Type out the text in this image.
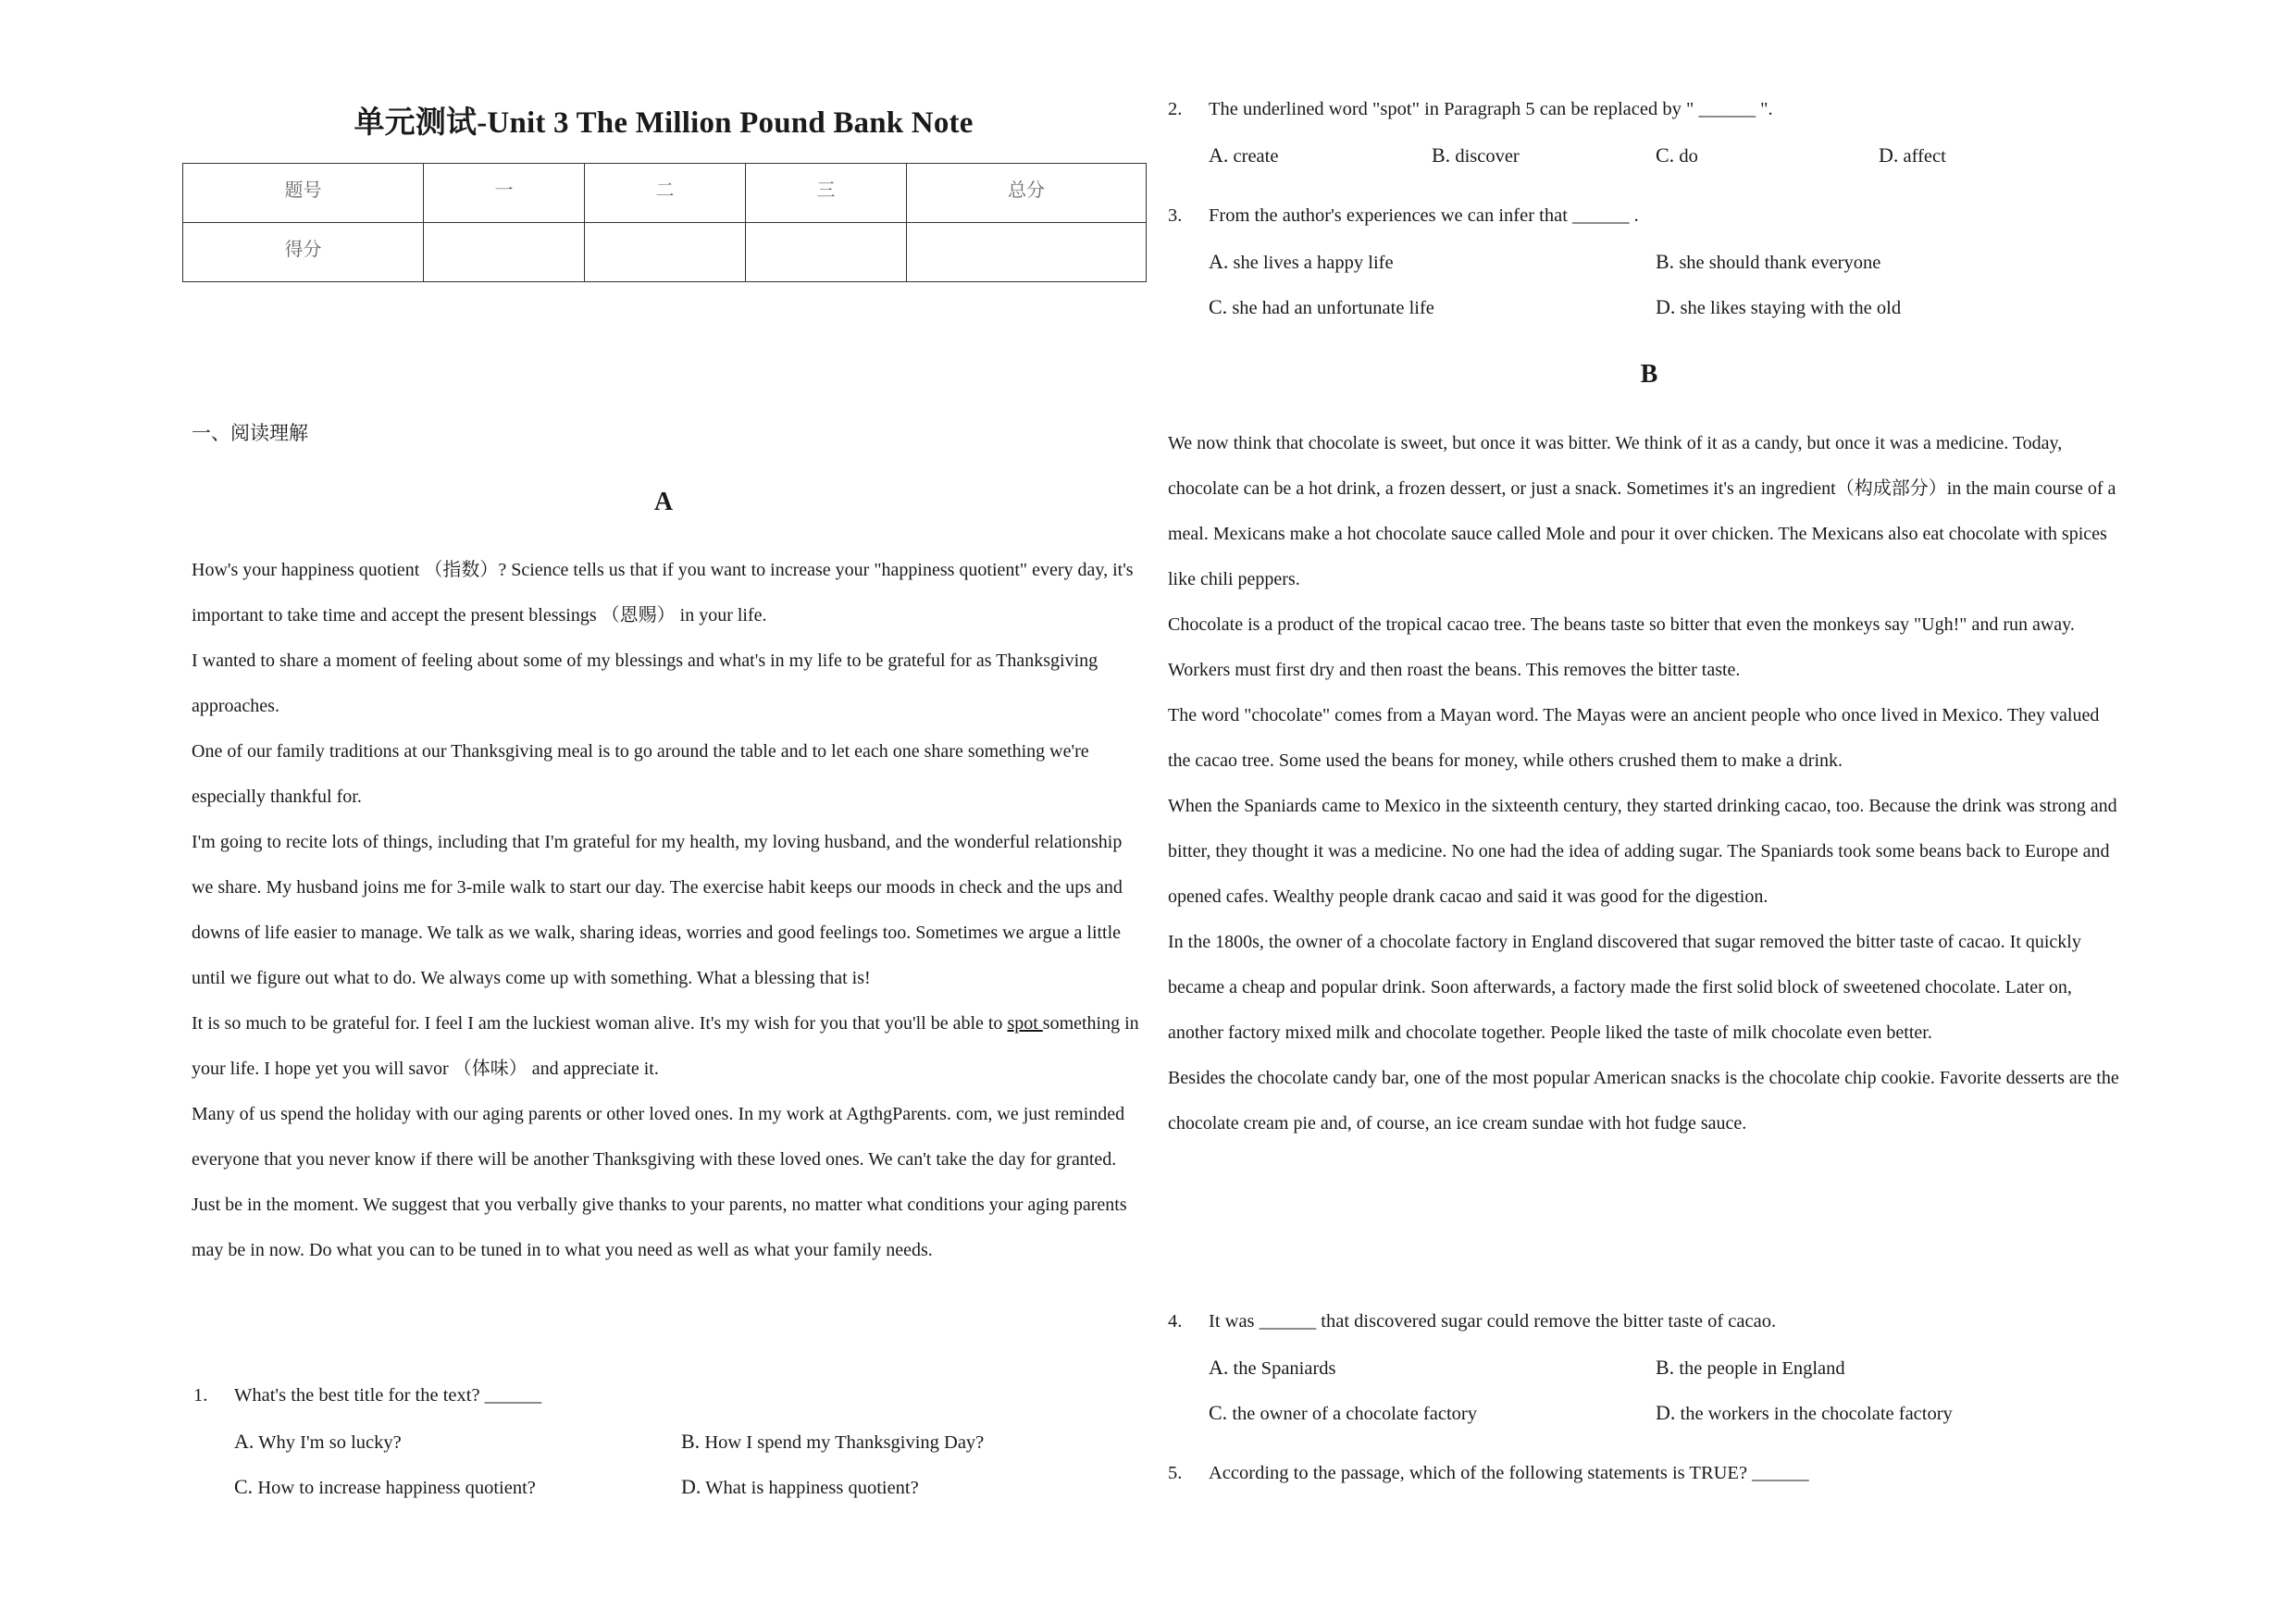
单元测试-Unit 3 The Million Pound Bank Note
题号	一	二	三	总分
得分				
一、阅读理解
A

How's your happiness quotient （指数）? Science tells us that if you want to increase your "happiness quotient" every day, it's important to take time and accept the present blessings （恩赐） in your life.

I wanted to share a moment of feeling about some of my blessings and what's in my life to be grateful for as Thanksgiving approaches.

One of our family traditions at our Thanksgiving meal is to go around the table and to let each one share something we're especially thankful for.

I'm going to recite lots of things, including that I'm grateful for my health, my loving husband, and the wonderful relationship we share. My husband joins me for 3-mile walk to start our day. The exercise habit keeps our moods in check and the ups and downs of life easier to manage. We talk as we walk, sharing ideas, worries and good feelings too. Sometimes we argue a little until we figure out what to do. We always come up with something. What a blessing that is!

It is so much to be grateful for. I feel I am the luckiest woman alive. It's my wish for you that you'll be able to spot something in your life. I hope yet you will savor （体味） and appreciate it.

Many of us spend the holiday with our aging parents or other loved ones. In my work at AgthgParents. com, we just reminded everyone that you never know if there will be another Thanksgiving with these loved ones. We can't take the day for granted. Just be in the moment. We suggest that you verbally give thanks to your parents, no matter what conditions your aging parents may be in now. Do what you can to be tuned in to what you need as well as what your family needs.

1.	What's the best title for the text? ______
A. Why I'm so lucky?	B. How I spend my Thanksgiving Day?
C. How to increase happiness quotient?	D. What is happiness quotient?
2.	The underlined word "spot" in Paragraph 5 can be replaced by " ______ ".
A. create	B. discover	C. do	D. affect
3.	From the author's experiences we can infer that ______ .
A. she lives a happy life	B. she should thank everyone
C. she had an unfortunate life	D. she likes staying with the old
B

We now think that chocolate is sweet, but once it was bitter. We think of it as a candy, but once it was a medicine. Today, chocolate can be a hot drink, a frozen dessert, or just a snack. Sometimes it's an ingredient（构成部分）in the main course of a meal. Mexicans make a hot chocolate sauce called Mole and pour it over chicken. The Mexicans also eat chocolate with spices like chili peppers.

Chocolate is a product of the tropical cacao tree. The beans taste so bitter that even the monkeys say "Ugh!" and run away. Workers must first dry and then roast the beans. This removes the bitter taste.

The word "chocolate" comes from a Mayan word. The Mayas were an ancient people who once lived in Mexico. They valued the cacao tree. Some used the beans for money, while others crushed them to make a drink.

When the Spaniards came to Mexico in the sixteenth century, they started drinking cacao, too. Because the drink was strong and bitter, they thought it was a medicine. No one had the idea of adding sugar. The Spaniards took some beans back to Europe and opened cafes. Wealthy people drank cacao and said it was good for the digestion.

In the 1800s, the owner of a chocolate factory in England discovered that sugar removed the bitter taste of cacao. It quickly became a cheap and popular drink. Soon afterwards, a factory made the first solid block of sweetened chocolate. Later on, another factory mixed milk and chocolate together. People liked the taste of milk chocolate even better.

Besides the chocolate candy bar, one of the most popular American snacks is the chocolate chip cookie. Favorite desserts are the chocolate cream pie and, of course, an ice cream sundae with hot fudge sauce.

4.	It was ______ that discovered sugar could remove the bitter taste of cacao.
A. the Spaniards	B. the people in England
C. the owner of a chocolate factory	D. the workers in the chocolate factory
5.	According to the passage, which of the following statements is TRUE? ______
